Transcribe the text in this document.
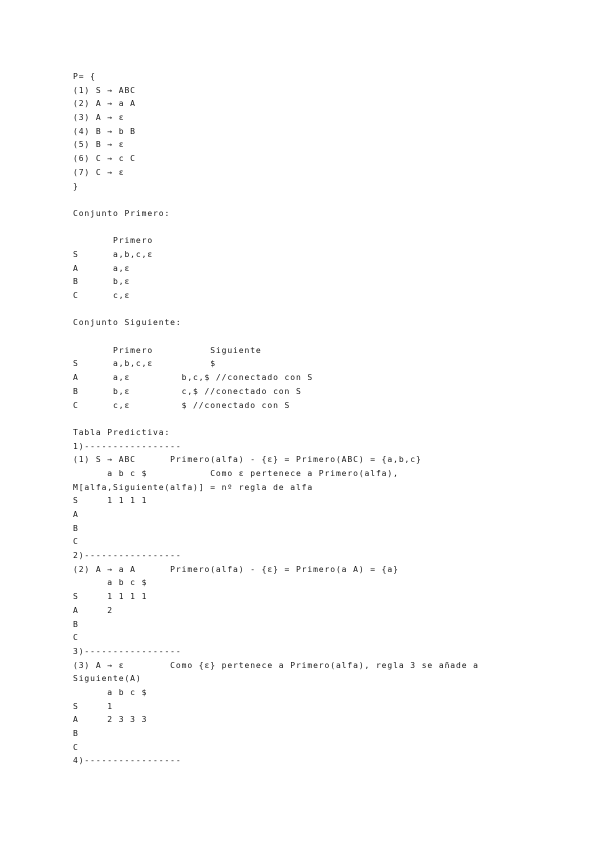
P= {
(1) S → ABC
(2) A → a A
(3) A → ε
(4) B → b B
(5) B → ε
(6) C → c C
(7) C → ε
}
Conjunto Primero:
Primero
S      a,b,c,ε
A      a,ε
B      b,ε
C      c,ε
Conjunto Siguiente:
Primero          Siguiente
S      a,b,c,ε          $
A      a,ε         b,c,$ //conectado con S
B      b,ε         c,$ //conectado con S
C      c,ε         $ //conectado con S
Tabla Predictiva:
1)-----------------
(1) S → ABC      Primero(alfa) - {ε} = Primero(ABC) = {a,b,c}
a b c $           Como ε pertenece a Primero(alfa),
M[alfa,Siguiente(alfa)] = nº regla de alfa
S     1 1 1 1
A
B
C
2)-----------------
(2) A → a A      Primero(alfa) - {ε} = Primero(a A) = {a}
a b c $
S     1 1 1 1
A     2
B
C
3)-----------------
(3) A → ε        Como {ε} pertenece a Primero(alfa), regla 3 se añade a
Siguiente(A)
a b c $
S     1
A     2 3 3 3
B
C
4)-----------------
